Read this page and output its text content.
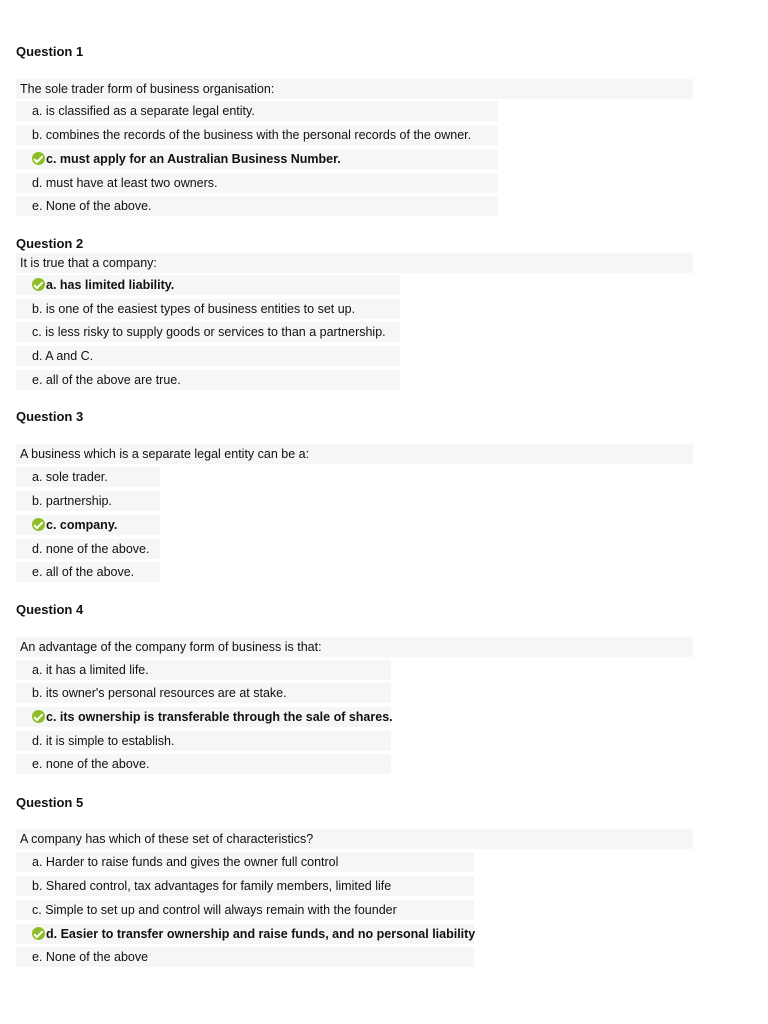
Question 1
The sole trader form of business organisation:
a. is classified as a separate legal entity.
b. combines the records of the business with the personal records of the owner.
c. must apply for an Australian Business Number.
d. must have at least two owners.
e. None of the above.
Question 2
It is true that a company:
a. has limited liability.
b. is one of the easiest types of business entities to set up.
c. is less risky to supply goods or services to than a partnership.
d. A and C.
e. all of the above are true.
Question 3
A business which is a separate legal entity can be a:
a. sole trader.
b. partnership.
c. company.
d. none of the above.
e. all of the above.
Question 4
An advantage of the company form of business is that:
a. it has a limited life.
b. its owner's personal resources are at stake.
c. its ownership is transferable through the sale of shares.
d. it is simple to establish.
e. none of the above.
Question 5
A company has which of these set of characteristics?
a. Harder to raise funds and gives the owner full control
b. Shared control, tax advantages for family members, limited life
c. Simple to set up and control will always remain with the founder
d. Easier to transfer ownership and raise funds, and no personal liability
e. None of the above
